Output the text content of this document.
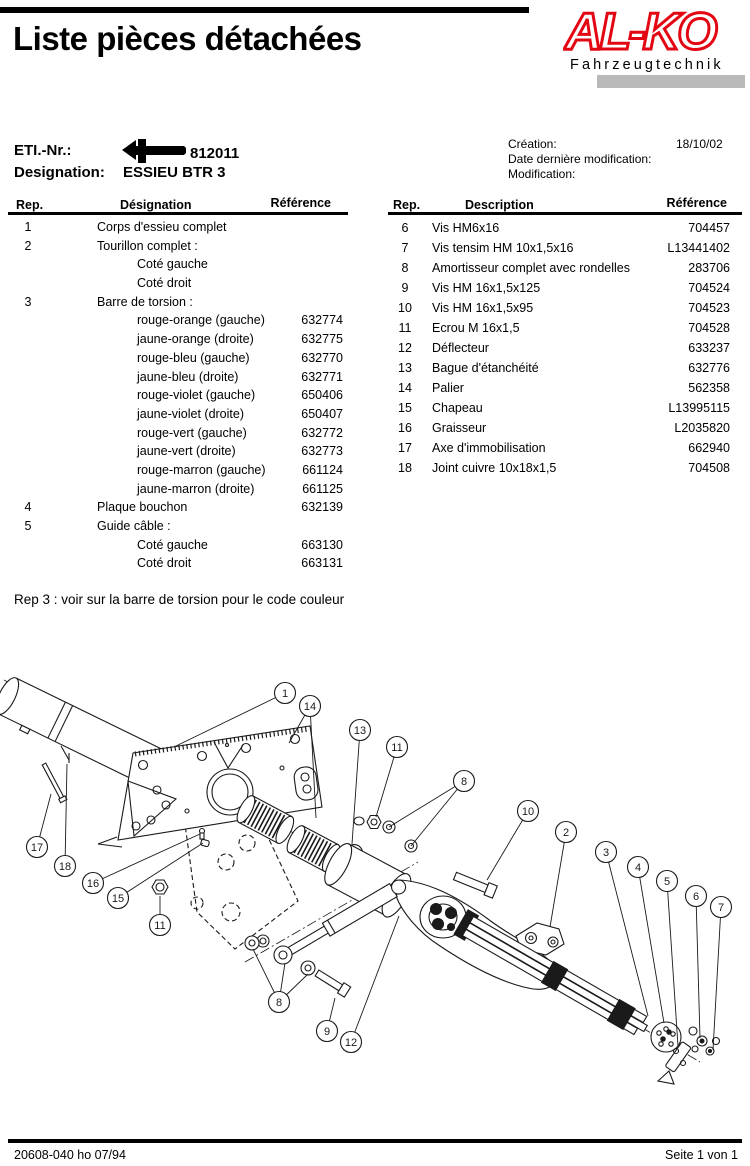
Liste pièces détachées	AL-KO
Fahrzeugtechnik
ETI.-Nr.:	812011
Designation: ESSIEU BTR 3
Création:	18/10/02
Date dernière modification:
Modification:
Rep.	Désignation	Référence	Rep.	Description	Référence
1	Corps d'essieu complet
2	Tourillon complet :
Coté gauche
Coté droit
3	Barre de torsion :
rouge-orange (gauche)	632774
jaune-orange (droite)	632775
rouge-bleu (gauche)	632770
jaune-bleu (droite)	632771
rouge-violet (gauche)	650406
jaune-violet (droite)	650407
rouge-vert (gauche)	632772
jaune-vert (droite)	632773
rouge-marron (gauche)	661124
jaune-marron (droite)	661125
4	Plaque bouchon	632139
5	Guide câble :
Coté gauche	663130
Coté droit	663131
6	Vis HM6x16	704457
7	Vis tensim HM 10x1,5x16	L13441402
8	Amortisseur complet avec rondelles	283706
9	Vis HM 16x1,5x125	704524
10	Vis HM 16x1,5x95	704523
11	Ecrou M 16x1,5	704528
12	Déflecteur	633237
13	Bague d'étanchéité	632776
14	Palier	562358
15	Chapeau	L13995115
16	Graisseur	L2035820
17	Axe d'immobilisation	662940
18	Joint cuivre 10x18x1,5	704508
Rep 3 : voir sur la barre de torsion pour le code couleur
1
14
13
11
8
10
2
3
4
5
6
7
17
18
16
15
11
8
9
12
20608-040 ho 07/94	Seite 1 von 1
